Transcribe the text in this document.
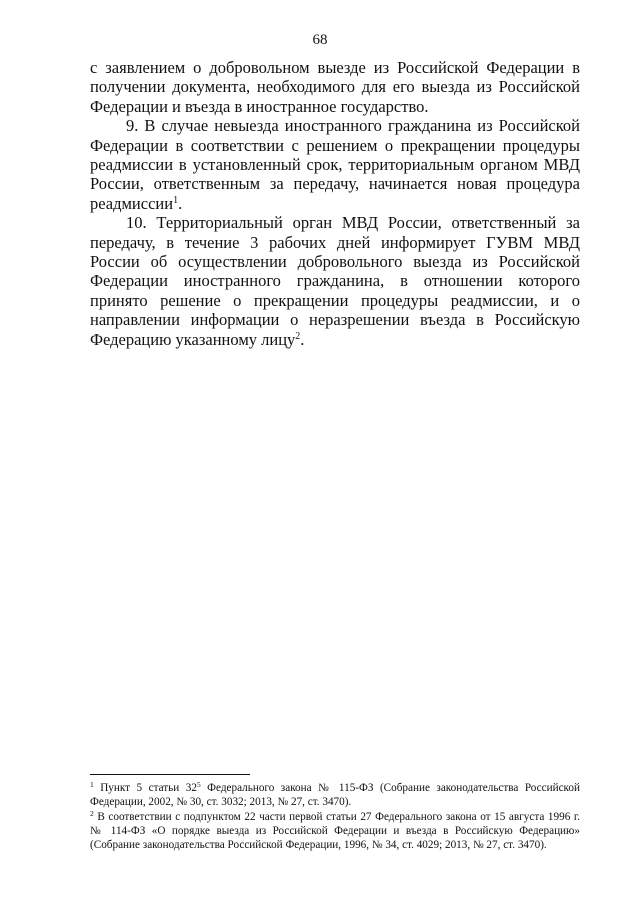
68

с заявлением о добровольном выезде из Российской Федерации в получении документа, необходимого для его выезда из Российской Федерации и въезда в иностранное государство.

9. В случае невыезда иностранного гражданина из Российской Федерации в соответствии с решением о прекращении процедуры реадмиссии в установленный срок, территориальным органом МВД России, ответственным за передачу, начинается новая процедура реадмиссии$^1$.

10. Территориальный орган МВД России, ответственный за передачу, в течение 3 рабочих дней информирует ГУВМ МВД России об осуществлении добровольного выезда из Российской Федерации иностранного гражданина, в отношении которого принято решение о прекращении процедуры реадмиссии, и о направлении информации о неразрешении въезда в Российскую Федерацию указанному лицу$^2$.

$^1$ Пункт 5 статьи $32^5$ Федерального закона № 115-ФЗ (Собрание законодательства Российской Федерации, 2002, № 30, ст. 3032; 2013, № 27, ст. 3470).

$^2$ В соответствии с подпунктом 22 части первой статьи 27 Федерального закона от 15 августа 1996 г. № 114-ФЗ «О порядке выезда из Российской Федерации и въезда в Российскую Федерацию» (Собрание законодательства Российской Федерации, 1996, № 34, ст. 4029; 2013, № 27, ст. 3470).
